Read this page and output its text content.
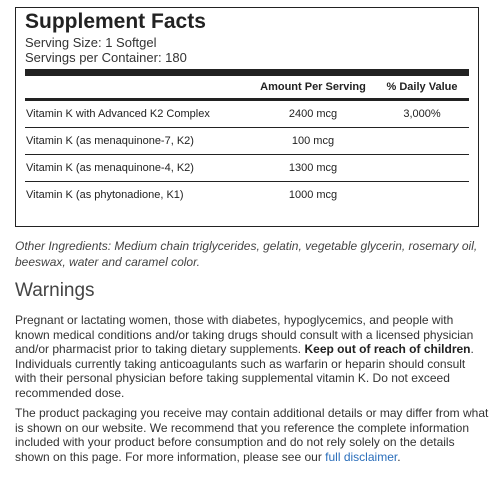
Supplement Facts
Serving Size: 1 Softgel
Servings per Container: 180
	Amount Per Serving	% Daily Value
Vitamin K with Advanced K2 Complex	2400 mcg	3,000%
Vitamin K (as menaquinone-7, K2)	100 mcg	
Vitamin K (as menaquinone-4, K2)	1300 mcg	
Vitamin K (as phytonadione, K1)	1000 mcg	
Other Ingredients: Medium chain triglycerides, gelatin, vegetable glycerin, rosemary oil, beeswax, water and caramel color.
Warnings
Pregnant or lactating women, those with diabetes, hypoglycemics, and people with known medical conditions and/or taking drugs should consult with a licensed physician and/or pharmacist prior to taking dietary supplements. Keep out of reach of children. Individuals currently taking anticoagulants such as warfarin or heparin should consult with their personal physician before taking supplemental vitamin K. Do not exceed recommended dose.
The product packaging you receive may contain additional details or may differ from what is shown on our website. We recommend that you reference the complete information included with your product before consumption and do not rely solely on the details shown on this page. For more information, please see our full disclaimer.
